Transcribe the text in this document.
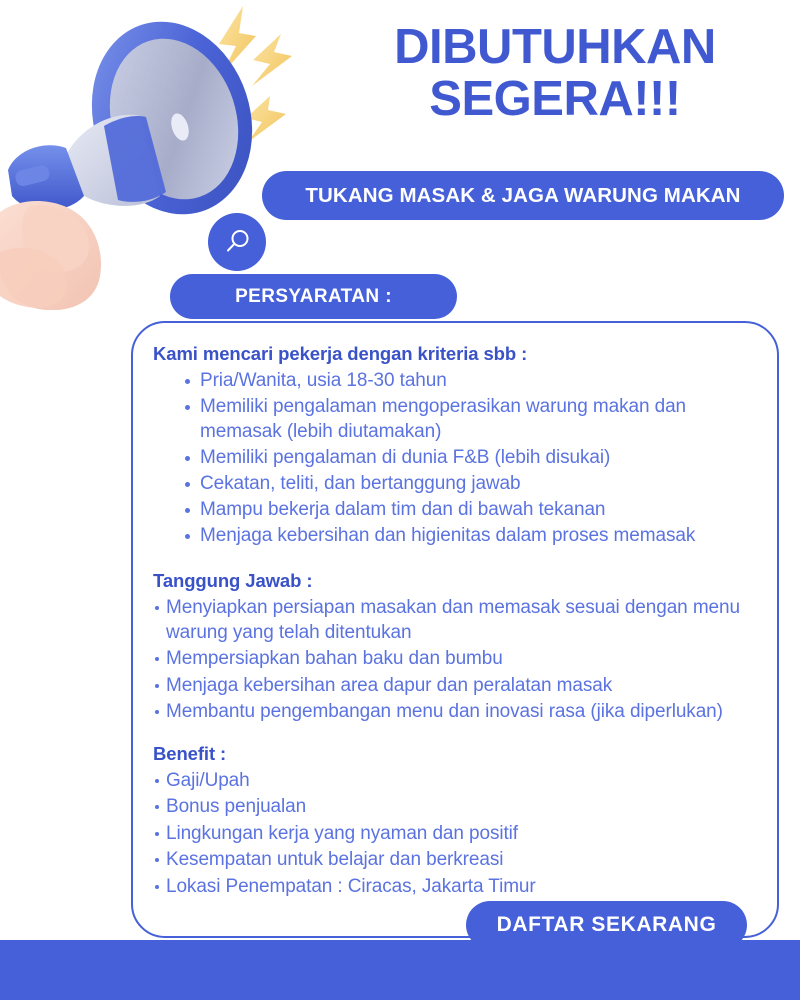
DIBUTUHKAN
SEGERA!!!
TUKANG MASAK & JAGA WARUNG MAKAN
PERSYARATAN :
Kami mencari pekerja dengan kriteria sbb :
Pria/Wanita, usia 18-30 tahun
Memiliki pengalaman mengoperasikan warung makan dan memasak (lebih diutamakan)
Memiliki pengalaman di dunia F&B (lebih disukai)
Cekatan, teliti, dan bertanggung jawab
Mampu bekerja dalam tim dan di bawah tekanan
Menjaga kebersihan dan higienitas dalam proses memasak
Tanggung Jawab :
Menyiapkan persiapan masakan dan memasak sesuai dengan menu warung yang telah ditentukan
Mempersiapkan bahan baku dan bumbu
Menjaga kebersihan area dapur dan peralatan masak
Membantu pengembangan menu dan inovasi rasa (jika diperlukan)
Benefit :
Gaji/Upah
Bonus penjualan
Lingkungan kerja yang nyaman dan positif
Kesempatan untuk belajar dan berkreasi
Lokasi Penempatan : Ciracas, Jakarta Timur
DAFTAR SEKARANG
